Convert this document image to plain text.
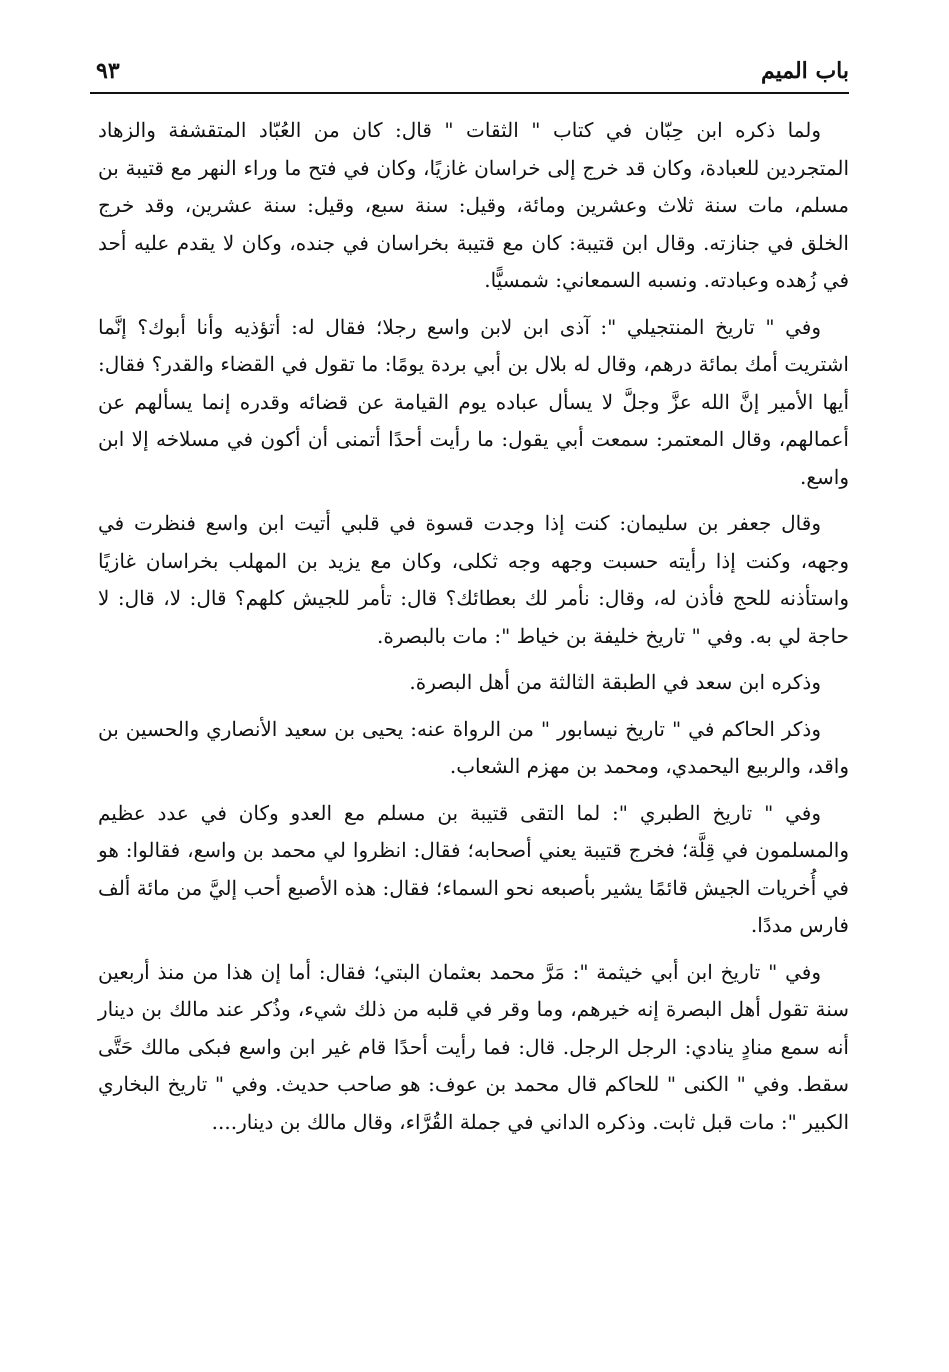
باب الميم
٩٣

ولما ذكره ابن حِبّان في كتاب " الثقات " قال: كان من العُبّاد المتقشفة والزهاد المتجردين للعبادة، وكان قد خرج إلى خراسان غازيًا، وكان في فتح ما وراء النهر مع قتيبة بن مسلم، مات سنة ثلاث وعشرين ومائة، وقيل: سنة سبع، وقيل: سنة عشرين، وقد خرج الخلق في جنازته. وقال ابن قتيبة: كان مع قتيبة بخراسان في جنده، وكان لا يقدم عليه أحد في زُهده وعبادته. ونسبه السمعاني: شمسيًّا.

وفي " تاريخ المنتجيلي ": آذى ابن لابن واسع رجلا؛ فقال له: أتؤذيه وأنا أبوك؟ إنَّما اشتريت أمك بمائة درهم، وقال له بلال بن أبي بردة يومًا: ما تقول في القضاء والقدر؟ فقال: أيها الأمير إنَّ الله عزَّ وجلَّ لا يسأل عباده يوم القيامة عن قضائه وقدره إنما يسألهم عن أعمالهم، وقال المعتمر: سمعت أبي يقول: ما رأيت أحدًا أتمنى أن أكون في مسلاخه إلا ابن واسع.

وقال جعفر بن سليمان: كنت إذا وجدت قسوة في قلبي أتيت ابن واسع فنظرت في وجهه، وكنت إذا رأيته حسبت وجهه وجه ثكلى، وكان مع يزيد بن المهلب بخراسان غازيًا واستأذنه للحج فأذن له، وقال: نأمر لك بعطائك؟ قال: تأمر للجيش كلهم؟ قال: لا، قال: لا حاجة لي به. وفي " تاريخ خليفة بن خياط ": مات بالبصرة.

وذكره ابن سعد في الطبقة الثالثة من أهل البصرة.

وذكر الحاكم في " تاريخ نيسابور " من الرواة عنه: يحيى بن سعيد الأنصاري والحسين بن واقد، والربيع اليحمدي، ومحمد بن مهزم الشعاب.

وفي " تاريخ الطبري ": لما التقى قتيبة بن مسلم مع العدو وكان في عدد عظيم والمسلمون في قِلَّة؛ فخرج قتيبة يعني أصحابه؛ فقال: انظروا لي محمد بن واسع، فقالوا: هو في أُخريات الجيش قائمًا يشير بأصبعه نحو السماء؛ فقال: هذه الأصبع أحب إليَّ من مائة ألف فارس مددًا.

وفي " تاريخ ابن أبي خيثمة ": مَرَّ محمد بعثمان البتي؛ فقال: أما إن هذا من منذ أربعين سنة تقول أهل البصرة إنه خيرهم، وما وقر في قلبه من ذلك شيء، وذُكر عند مالك بن دينار أنه سمع منادٍ ينادي: الرجل الرجل. قال: فما رأيت أحدًا قام غير ابن واسع فبكى مالك حَتَّى سقط. وفي " الكنى " للحاكم قال محمد بن عوف: هو صاحب حديث. وفي " تاريخ البخاري الكبير ": مات قبل ثابت. وذكره الداني في جملة القُرَّاء، وقال مالك بن دينار....
